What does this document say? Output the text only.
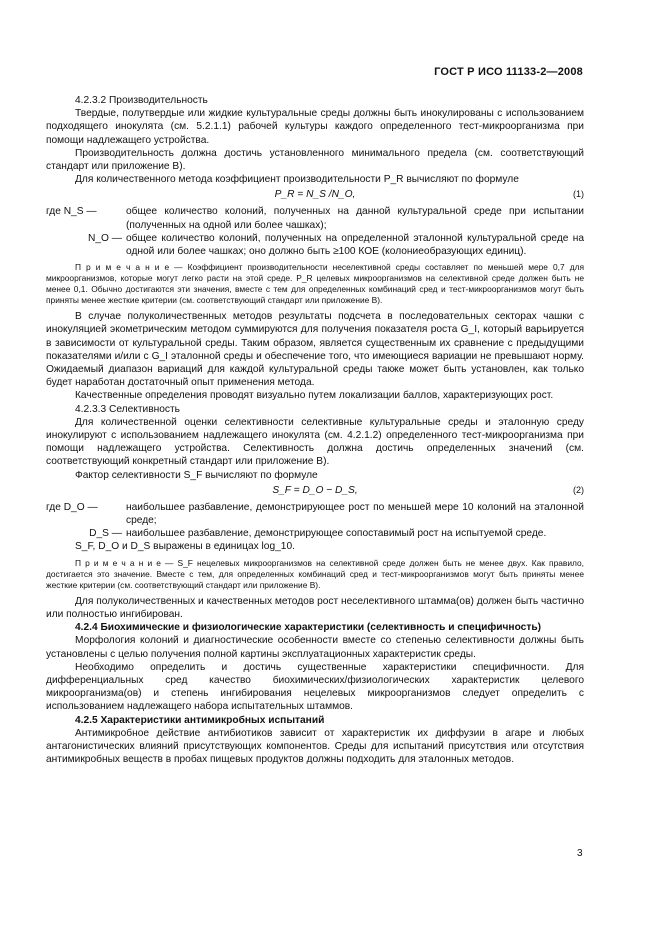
ГОСТ Р ИСО 11133-2—2008

4.2.3.2 Производительность

Твердые, полутвердые или жидкие культуральные среды должны быть инокулированы с использованием подходящего инокулята (см. 5.2.1.1) рабочей культуры каждого определенного тест-микроорганизма при помощи надлежащего устройства.

Производительность должна достичь установленного минимального предела (см. соответствующий стандарт или приложение В).

Для количественного метода коэффициент производительности P_R вычисляют по формуле

P_R = N_S /N_O,	(1)
где N_S —	общее количество колоний, полученных на данной культуральной среде при испытании (полученных на одной или более чашках);
N_O — общее количество колоний, полученных на определенной эталонной культуральной среде на одной или более чашках; оно должно быть ≥100 КОЕ (колониеобразующих единиц).

П р и м е ч а н и е — Коэффициент производительности неселективной среды составляет по меньшей мере 0,7 для микроорганизмов, которые могут легко расти на этой среде. P_R целевых микроорганизмов на селективной среде должен быть не менее 0,1. Обычно достигаются эти значения, вместе с тем для определенных комбинаций сред и тест-микроорганизмов могут быть приняты менее жесткие критерии (см. соответствующий стандарт или приложение В).

В случае полуколичественных методов результаты подсчета в последовательных секторах чашки с инокуляцией экометрическим методом суммируются для получения показателя роста G_I, который варьируется в зависимости от культуральной среды. Таким образом, является существенным их сравнение с предыдущими показателями и/или с G_I эталонной среды и обеспечение того, что имеющиеся вариации не превышают норму. Ожидаемый диапазон вариаций для каждой культуральной среды также может быть установлен, как только будет наработан достаточный опыт применения метода.

Качественные определения проводят визуально путем локализации баллов, характеризующих рост.

4.2.3.3 Селективность

Для количественной оценки селективности селективные культуральные среды и эталонную среду инокулируют с использованием надлежащего инокулята (см. 4.2.1.2) определенного тест-микроорганизма при помощи надлежащего устройства. Селективность должна достичь определенных значений (см. соответствующий конкретный стандарт или приложение В).

Фактор селективности S_F вычисляют по формуле

S_F = D_O − D_S,	(2)
где D_O —	наибольшее разбавление, демонстрирующее рост по меньшей мере 10 колоний на эталонной среде;
D_S — наибольшее разбавление, демонстрирующее сопоставимый рост на испытуемой среде.

S_F, D_O и D_S выражены в единицах log_10.

П р и м е ч а н и е — S_F нецелевых микроорганизмов на селективной среде должен быть не менее двух. Как правило, достигается это значение. Вместе с тем, для определенных комбинаций сред и тест-микроорганизмов могут быть приняты менее жесткие критерии (см. соответствующий стандарт или приложение В).

Для полуколичественных и качественных методов рост неселективного штамма(ов) должен быть частично или полностью ингибирован.

4.2.4 Биохимические и физиологические характеристики (селективность и специфичность)

Морфология колоний и диагностические особенности вместе со степенью селективности должны быть установлены с целью получения полной картины эксплуатационных характеристик среды.

Необходимо определить и достичь существенные характеристики специфичности. Для дифференциальных сред качество биохимических/физиологических характеристик целевого микроорганизма(ов) и степень ингибирования нецелевых микроорганизмов следует определить с использованием надлежащего набора испытательных штаммов.

4.2.5 Характеристики антимикробных испытаний

Антимикробное действие антибиотиков зависит от характеристик их диффузии в агаре и любых антагонистических влияний присутствующих компонентов. Среды для испытаний присутствия или отсутствия антимикробных веществ в пробах пищевых продуктов должны подходить для эталонных методов.

3
